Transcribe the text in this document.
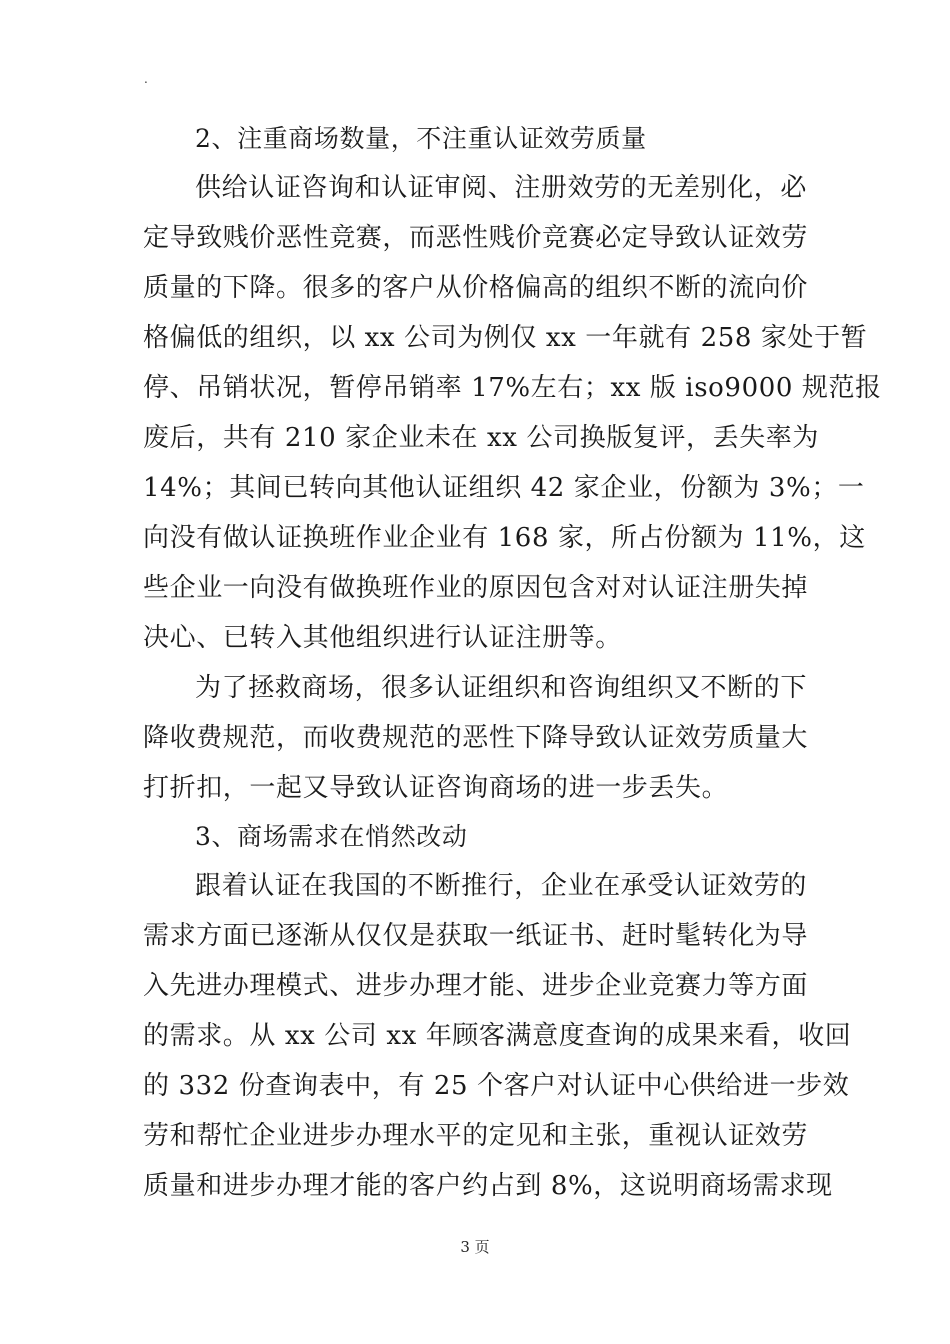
.
2、注重商场数量，不注重认证效劳质量
供给认证咨询和认证审阅、注册效劳的无差别化，必
定导致贱价恶性竞赛，而恶性贱价竞赛必定导致认证效劳
质量的下降。很多的客户从价格偏高的组织不断的流向价
格偏低的组织，以 xx 公司为例仅 xx 一年就有 258 家处于暂
停、吊销状况，暂停吊销率 17%左右；xx 版 iso9000 规范报
废后，共有 210 家企业未在 xx 公司换版复评，丢失率为
14%；其间已转向其他认证组织 42 家企业，份额为 3%；一
向没有做认证换班作业企业有 168 家，所占份额为 11%，这
些企业一向没有做换班作业的原因包含对对认证注册失掉
决心、已转入其他组织进行认证注册等。
为了拯救商场，很多认证组织和咨询组织又不断的下
降收费规范，而收费规范的恶性下降导致认证效劳质量大
打折扣，一起又导致认证咨询商场的进一步丢失。
3、商场需求在悄然改动
跟着认证在我国的不断推行，企业在承受认证效劳的
需求方面已逐渐从仅仅是获取一纸证书、赶时髦转化为导
入先进办理模式、进步办理才能、进步企业竞赛力等方面
的需求。从 xx 公司 xx 年顾客满意度查询的成果来看，收回
的 332 份查询表中，有 25 个客户对认证中心供给进一步效
劳和帮忙企业进步办理水平的定见和主张，重视认证效劳
质量和进步办理才能的客户约占到 8%，这说明商场需求现
3 页
